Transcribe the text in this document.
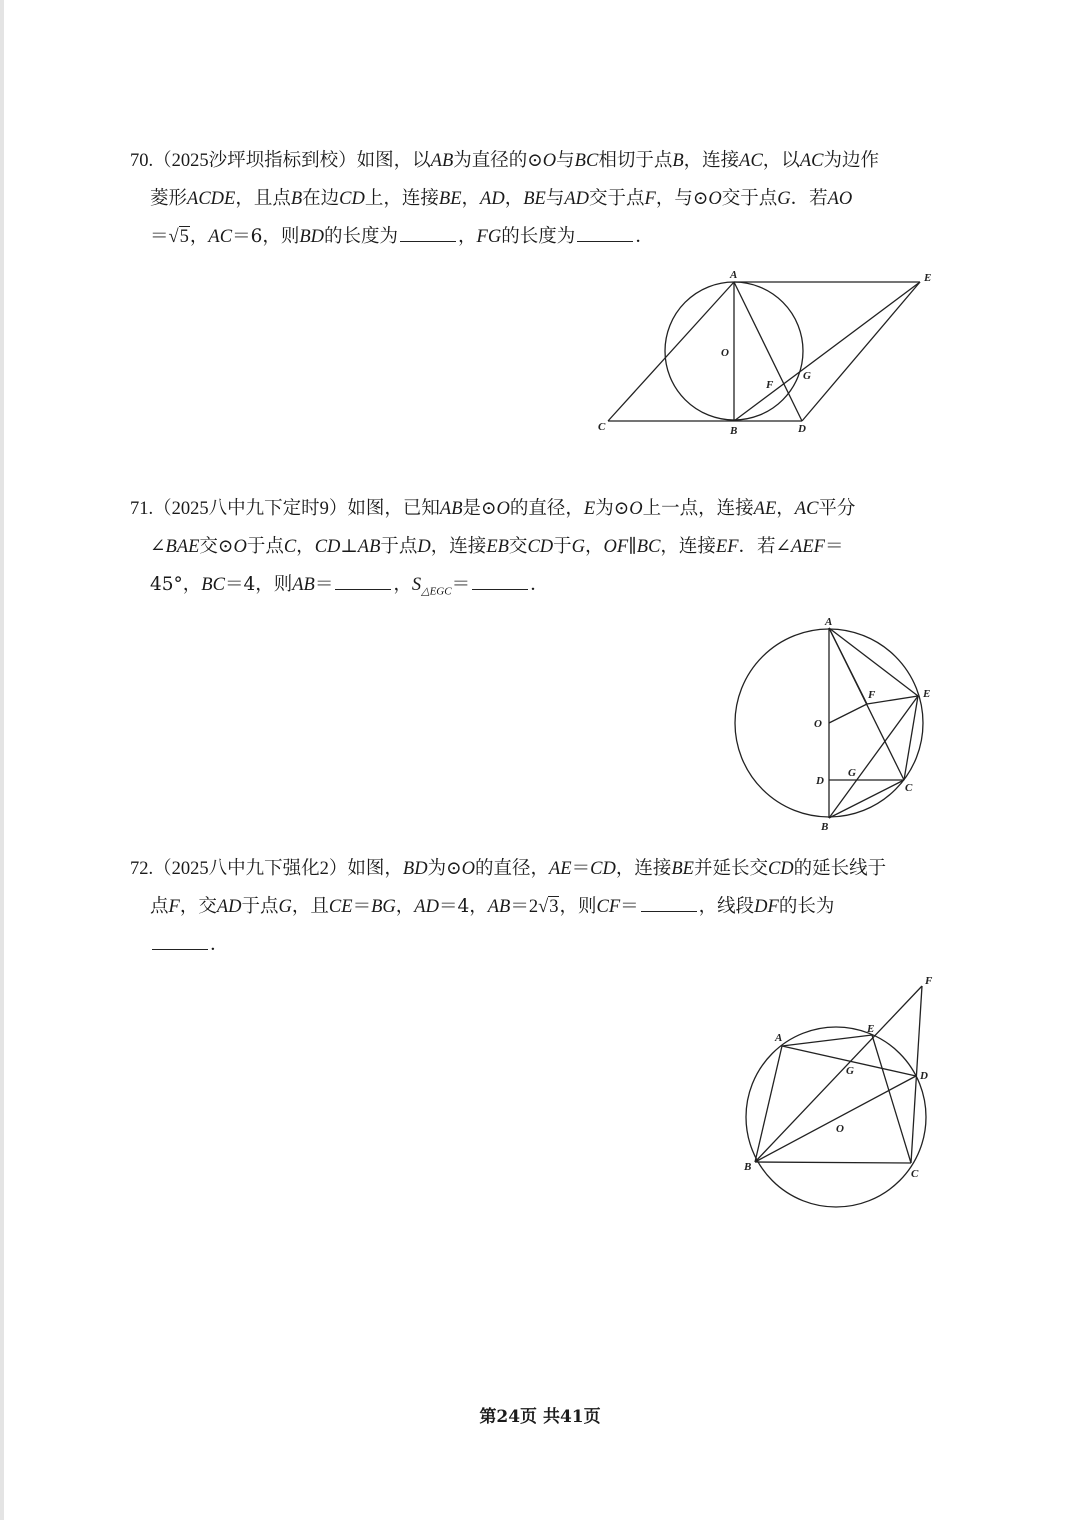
70.（2025沙坪坝指标到校）如图，以AB为直径的⊙O与BC相切于点B，连接AC，以AC为边作
菱形ACDE，且点B在边CD上，连接BE，AD，BE与AD交于点F，与⊙O交于点G．若AO
＝√5，AC＝6，则BD的长度为	，FG的长度为	．
A	E
O
F
G
C	B	D
71.（2025八中九下定时9）如图，已知AB是⊙O的直径，E为⊙O上一点，连接AE，AC平分
∠BAE交⊙O于点C，CD⊥AB于点D，连接EB交CD于G，OF∥BC，连接EF．若∠AEF＝
45°，BC＝4，则AB＝	，$S_{\triangle EGC}=$	．
A
F	E
O
D
G
C
B
72.（2025八中九下强化2）如图，BD为⊙O的直径，AE＝CD，连接BE并延长交CD的延长线于
点F，交AD于点G，且CE＝BG，AD＝4，AB＝2√3，则CF＝	，线段DF的长为
．
F
A
E
G	D
O
B
C
第24页 共41页
